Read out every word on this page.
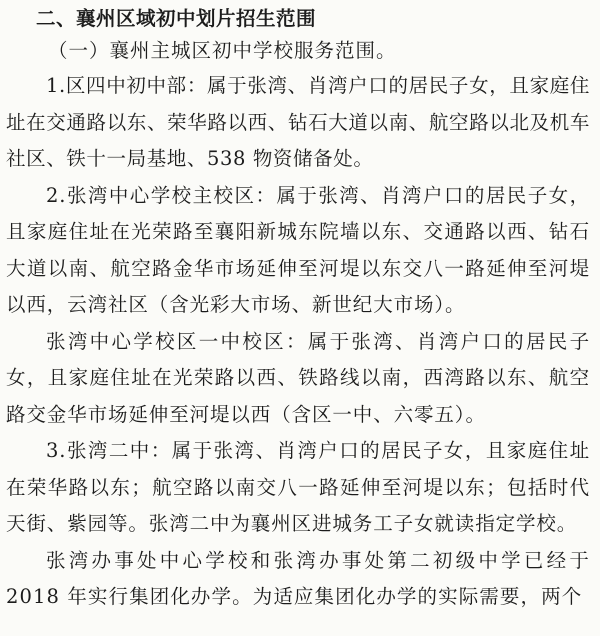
二、襄州区域初中划片招生范围

（一）襄州主城区初中学校服务范围。

1.区四中初中部：属于张湾、肖湾户口的居民子女，且家庭住址在交通路以东、荣华路以西、钻石大道以南、航空路以北及机车社区、铁十一局基地、538 物资储备处。

2.张湾中心学校主校区：属于张湾、肖湾户口的居民子女，且家庭住址在光荣路至襄阳新城东院墙以东、交通路以西、钻石大道以南、航空路金华市场延伸至河堤以东交八一路延伸至河堤以西，云湾社区（含光彩大市场、新世纪大市场）。

张湾中心学校区一中校区：属于张湾、肖湾户口的居民子女，且家庭住址在光荣路以西、铁路线以南，西湾路以东、航空路交金华市场延伸至河堤以西（含区一中、六零五）。

3.张湾二中：属于张湾、肖湾户口的居民子女，且家庭住址在荣华路以东；航空路以南交八一路延伸至河堤以东；包括时代天街、紫园等。张湾二中为襄州区进城务工子女就读指定学校。

张湾办事处中心学校和张湾办事处第二初级中学已经于 2018 年实行集团化办学。为适应集团化办学的实际需要，两个
